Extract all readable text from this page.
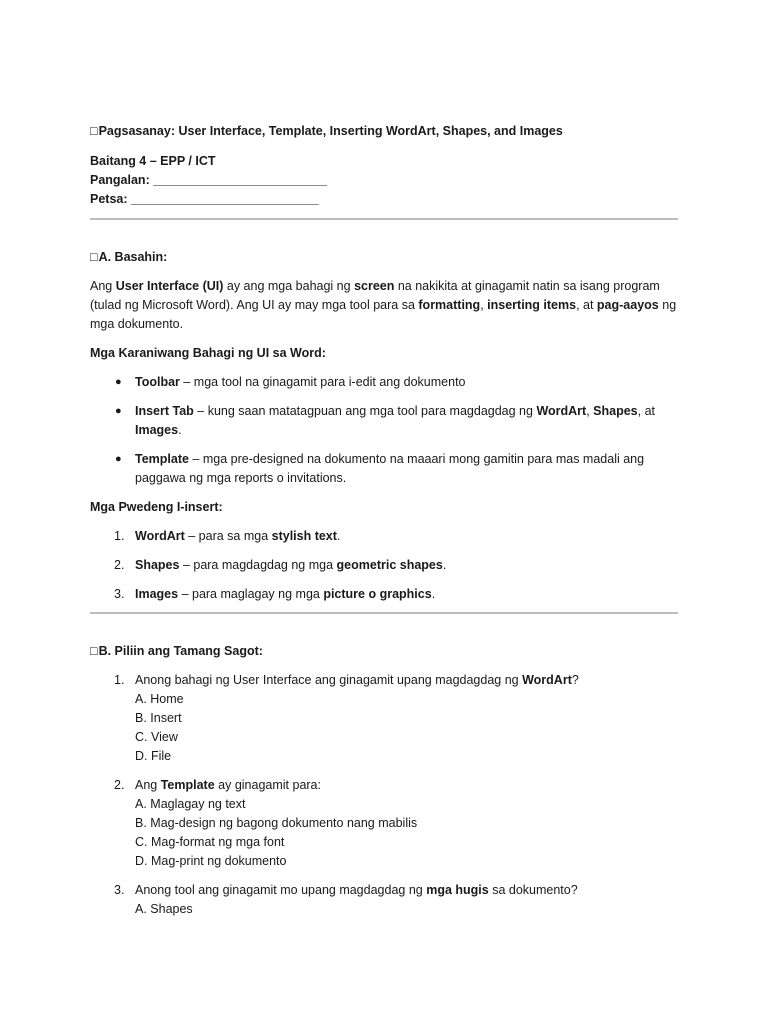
□Pagsasanay: User Interface, Template, Inserting WordArt, Shapes, and Images
Baitang 4 – EPP / ICT
Pangalan: _________________________
Petsa: ___________________________
□A. Basahin:

Ang User Interface (UI) ay ang mga bahagi ng screen na nakikita at ginagamit natin sa isang program (tulad ng Microsoft Word). Ang UI ay may mga tool para sa formatting, inserting items, at pag-aayos ng mga dokumento.

Mga Karaniwang Bahagi ng UI sa Word:
● Toolbar – mga tool na ginagamit para i-edit ang dokumento
● Insert Tab – kung saan matatagpuan ang mga tool para magdagdag ng WordArt, Shapes, at Images.
● Template – mga pre-designed na dokumento na maaari mong gamitin para mas madali ang paggawa ng mga reports o invitations.
Mga Pwedeng I-insert:
1. WordArt – para sa mga stylish text.
2. Shapes – para magdagdag ng mga geometric shapes.
3. Images – para maglagay ng mga picture o graphics.
□B. Piliin ang Tamang Sagot:
1. Anong bahagi ng User Interface ang ginagamit upang magdagdag ng WordArt?
A. Home
B. Insert
C. View
D. File
2. Ang Template ay ginagamit para:
A. Maglagay ng text
B. Mag-design ng bagong dokumento nang mabilis
C. Mag-format ng mga font
D. Mag-print ng dokumento
3. Anong tool ang ginagamit mo upang magdagdag ng mga hugis sa dokumento?
A. Shapes
